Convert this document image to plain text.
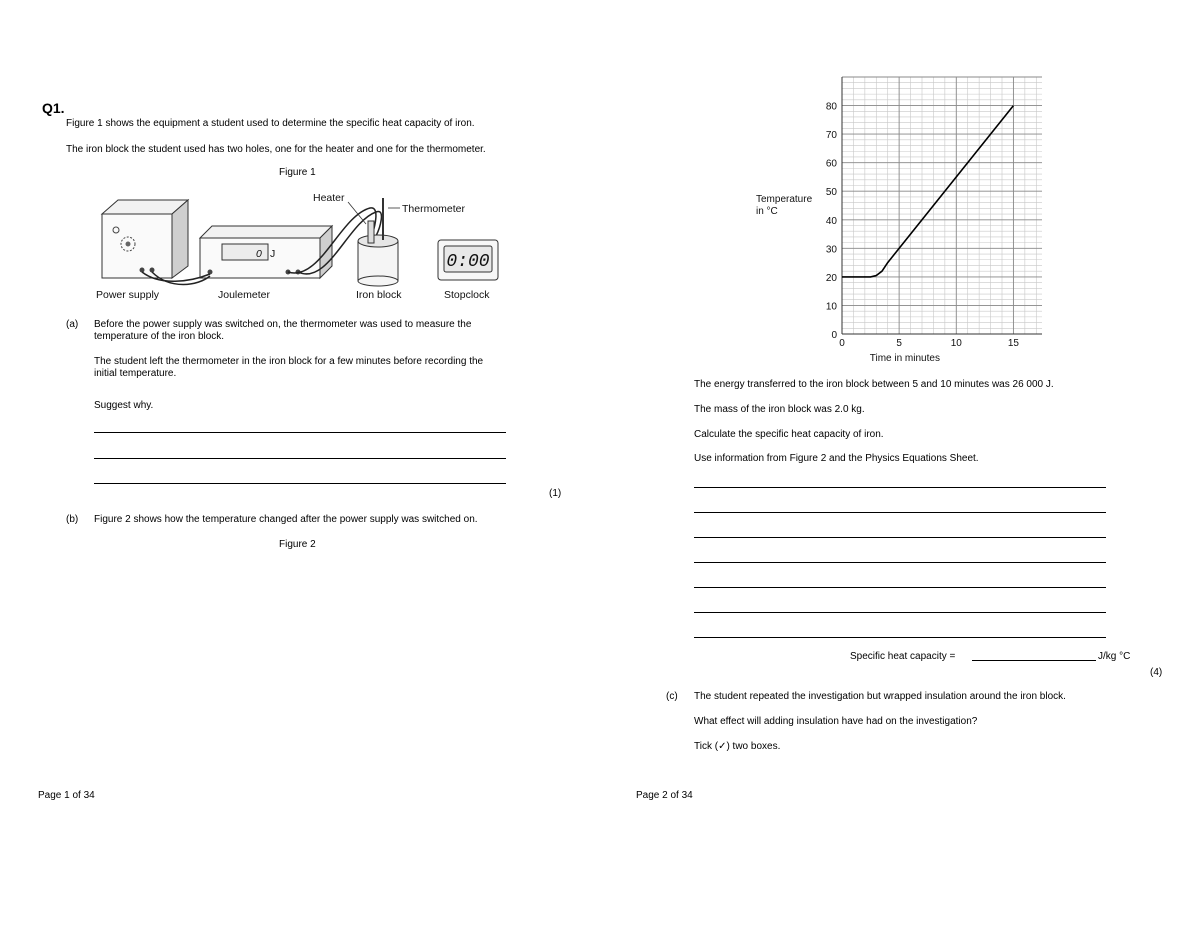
Q1.
Figure 1 shows the equipment a student used to determine the specific heat capacity of iron.
The iron block the student used has two holes, one for the heater and one for the thermometer.
Figure 1
0 J
Heater
Thermometer
0:00
Power supply	Joulemeter	Iron block	Stopclock
(a) Before the power supply was switched on, the thermometer was used to measure the
temperature of the iron block.
The student left the thermometer in the iron block for a few minutes before recording the
initial temperature.
Suggest why.
(1)
(b) Figure 2 shows how the temperature changed after the power supply was switched on.
Figure 2
Page 1 of 34
0
10
20
30
40
50
60
70
80
0	5	10	15
Temperature
in °C
Time in minutes
The energy transferred to the iron block between 5 and 10 minutes was 26 000 J.
The mass of the iron block was 2.0 kg.
Calculate the specific heat capacity of iron.
Use information from Figure 2 and the Physics Equations Sheet.
Specific heat capacity =	J/kg °C
(4)
(c) The student repeated the investigation but wrapped insulation around the iron block.
What effect will adding insulation have had on the investigation?
Tick (✓) two boxes.
Page 2 of 34
